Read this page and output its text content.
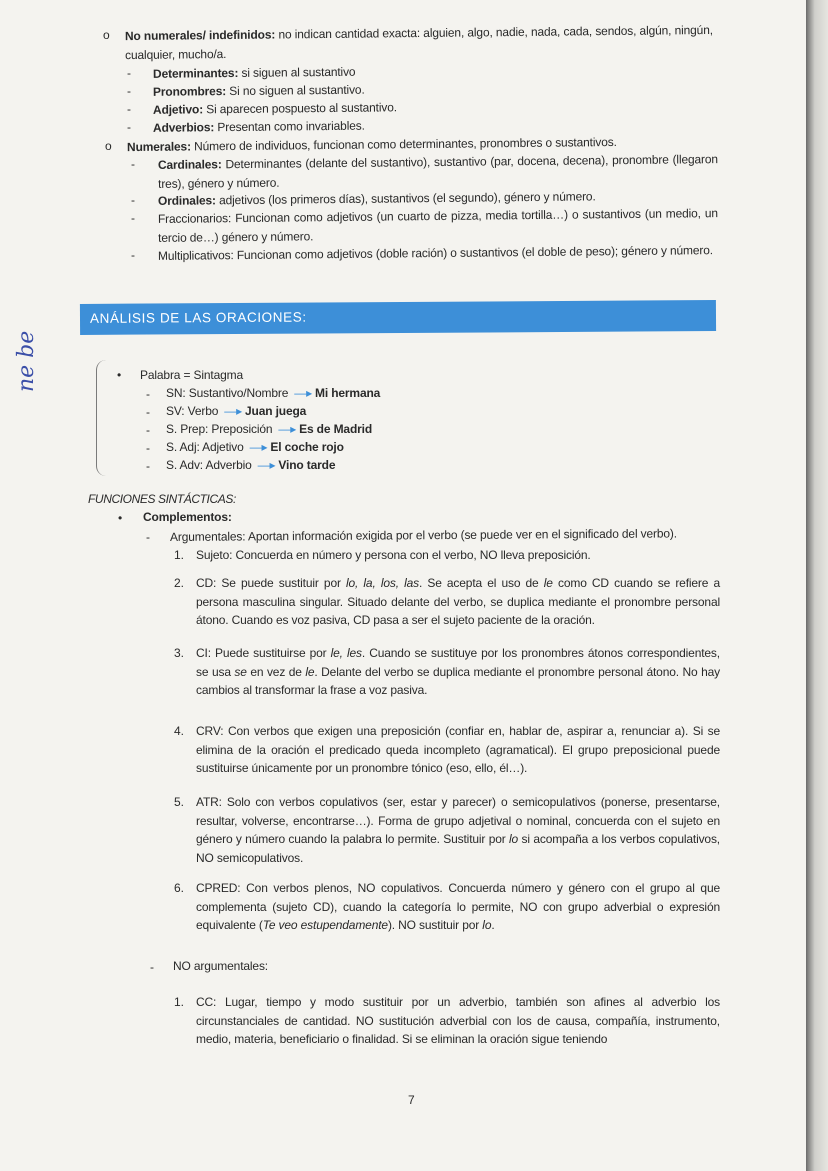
o No numerales/ indefinidos: no indican cantidad exacta: alguien, algo, nadie, nada, cada, sendos, algún, ningún, cualquier, mucho/a.
- Determinantes: si siguen al sustantivo
- Pronombres: Si no siguen al sustantivo.
- Adjetivo: Si aparecen pospuesto al sustantivo.
- Adverbios: Presentan como invariables.
o Numerales: Número de individuos, funcionan como determinantes, pronombres o sustantivos.
- Cardinales: Determinantes (delante del sustantivo), sustantivo (par, docena, decena), pronombre (llegaron tres), género y número.
- Ordinales: adjetivos (los primeros días), sustantivos (el segundo), género y número.
- Fraccionarios: Funcionan como adjetivos (un cuarto de pizza, media tortilla…) o sustantivos (un medio, un tercio de…) género y número.
- Multiplicativos: Funcionan como adjetivos (doble ración) o sustantivos (el doble de peso); género y número.
ANÁLISIS DE LAS ORACIONES:
ne be	• Palabra = Sintagma
- SN: Sustantivo/Nombre —▸ Mi hermana
- SV: Verbo —▸ Juan juega
- S. Prep: Preposición —▸ Es de Madrid
- S. Adj: Adjetivo —▸ El coche rojo
- S. Adv: Adverbio —▸ Vino tarde
FUNCIONES SINTÁCTICAS:
• Complementos:
- Argumentales: Aportan información exigida por el verbo (se puede ver en el significado del verbo).
1. Sujeto: Concuerda en número y persona con el verbo, NO lleva preposición.
2. CD: Se puede sustituir por lo, la, los, las. Se acepta el uso de le como CD cuando se refiere a persona masculina singular. Situado delante del verbo, se duplica mediante el pronombre personal átono. Cuando es voz pasiva, CD pasa a ser el sujeto paciente de la oración.
3. CI: Puede sustituirse por le, les. Cuando se sustituye por los pronombres átonos correspondientes, se usa se en vez de le. Delante del verbo se duplica mediante el pronombre personal átono. No hay cambios al transformar la frase a voz pasiva.
4. CRV: Con verbos que exigen una preposición (confiar en, hablar de, aspirar a, renunciar a). Si se elimina de la oración el predicado queda incompleto (agramatical). El grupo preposicional puede sustituirse únicamente por un pronombre tónico (eso, ello, él…).
5. ATR: Solo con verbos copulativos (ser, estar y parecer) o semicopulativos (ponerse, presentarse, resultar, volverse, encontrarse…). Forma de grupo adjetival o nominal, concuerda con el sujeto en género y número cuando la palabra lo permite. Sustituir por lo si acompaña a los verbos copulativos, NO semicopulativos.
6. CPRED: Con verbos plenos, NO copulativos. Concuerda número y género con el grupo al que complementa (sujeto CD), cuando la categoría lo permite, NO con grupo adverbial o expresión equivalente (Te veo estupendamente). NO sustituir por lo.
- NO argumentales:
1. CC: Lugar, tiempo y modo sustituir por un adverbio, también son afines al adverbio los circunstanciales de cantidad. NO sustitución adverbial con los de causa, compañía, instrumento, medio, materia, beneficiario o finalidad. Si se eliminan la oración sigue teniendo
7
